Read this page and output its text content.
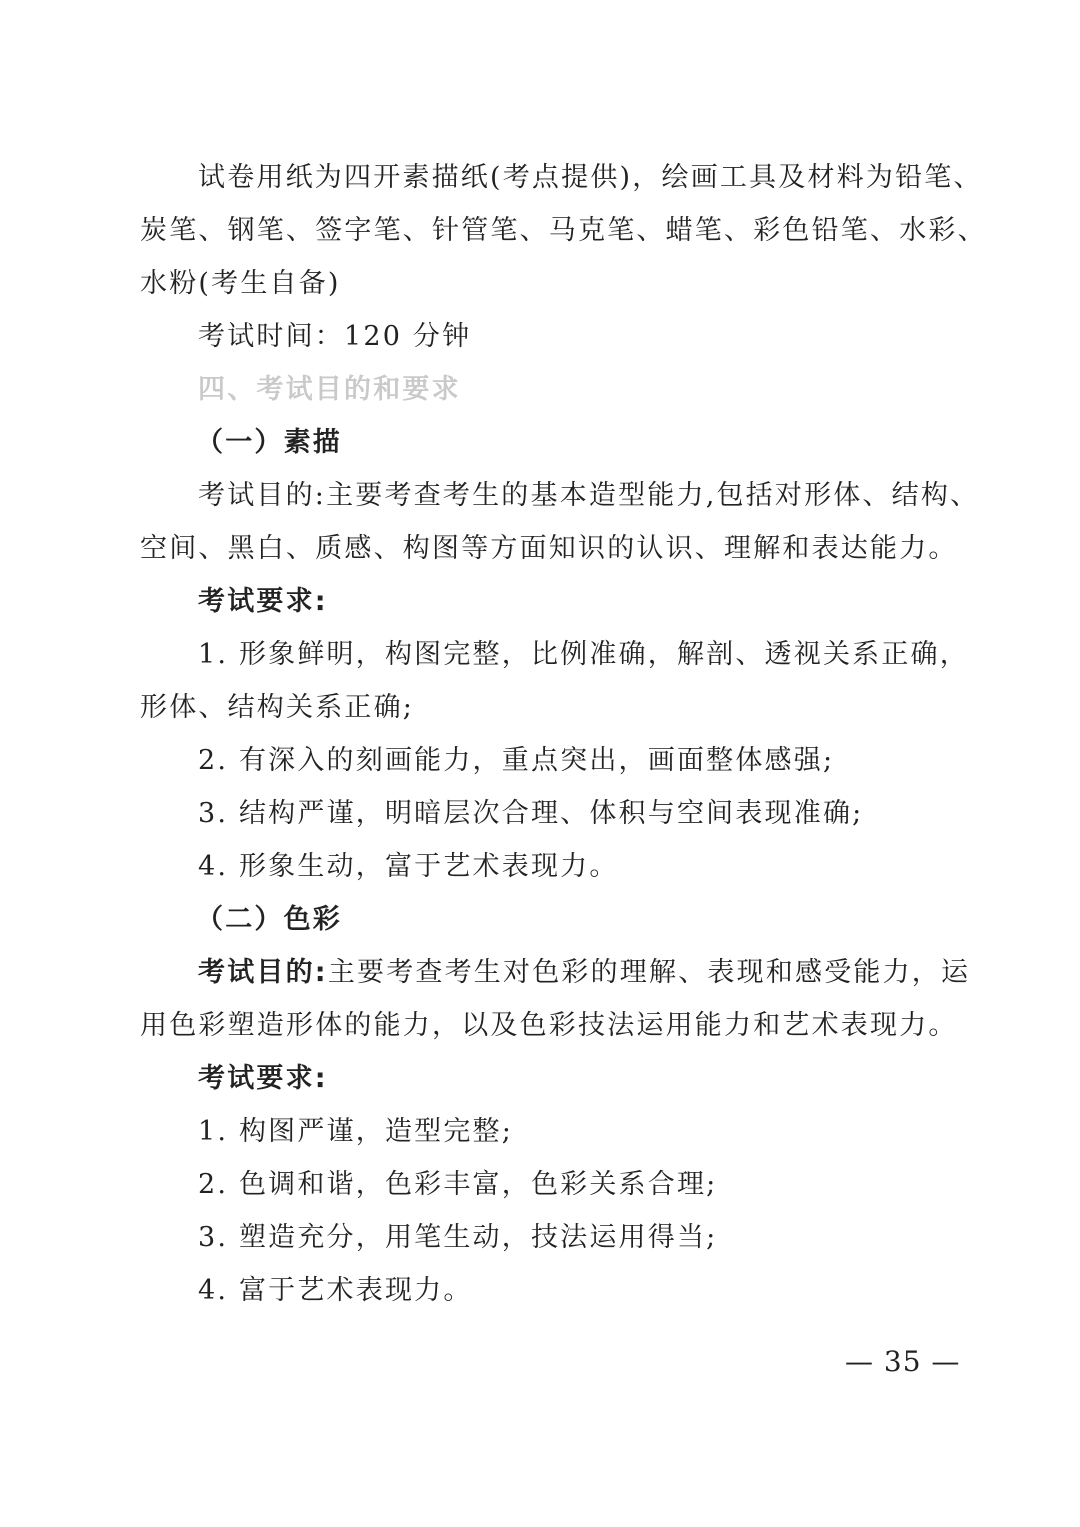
试卷用纸为四开素描纸(考点提供)，绘画工具及材料为铅笔、
炭笔、钢笔、签字笔、针管笔、马克笔、蜡笔、彩色铅笔、水彩、
水粉(考生自备)
考试时间：120 分钟
四、考试目的和要求
（一）素描
考试目的:主要考查考生的基本造型能力,包括对形体、结构、
空间、黑白、质感、构图等方面知识的认识、理解和表达能力。
考试要求:
1. 形象鲜明，构图完整，比例准确，解剖、透视关系正确，
形体、结构关系正确;
2. 有深入的刻画能力，重点突出，画面整体感强;
3. 结构严谨，明暗层次合理、体积与空间表现准确;
4. 形象生动，富于艺术表现力。
（二）色彩
考试目的:主要考查考生对色彩的理解、表现和感受能力，运
用色彩塑造形体的能力，以及色彩技法运用能力和艺术表现力。
考试要求:
1. 构图严谨，造型完整;
2. 色调和谐，色彩丰富，色彩关系合理;
3. 塑造充分，用笔生动，技法运用得当;
4. 富于艺术表现力。
— 35 —
